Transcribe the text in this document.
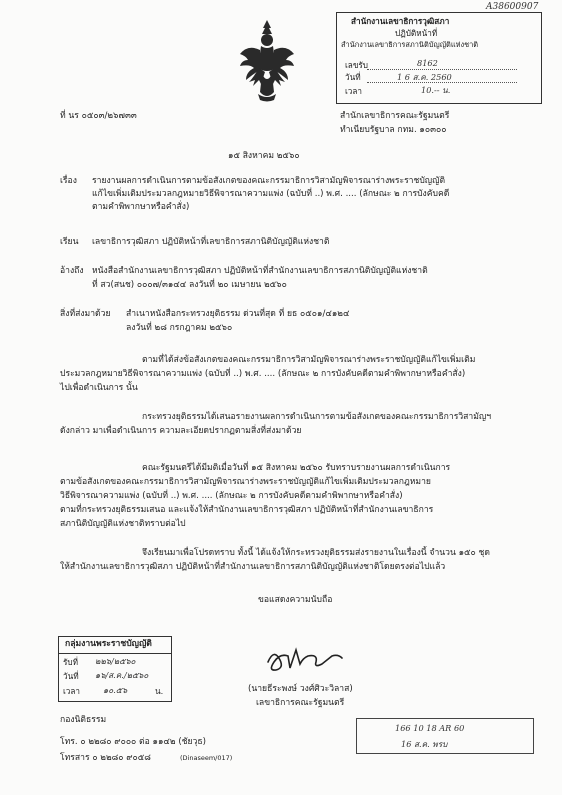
A38600907
สำนักงานเลขาธิการวุฒิสภา
ปฏิบัติหน้าที่
สำนักงานเลขาธิการสภานิติบัญญัติแห่งชาติ
เลขรับ	8162
วันที่	1 6 ส.ค. 2560
เวลา	10.-- น.
ที่ นร ๐๕๐๓/๒๖๗๓๓	สำนักเลขาธิการคณะรัฐมนตรี
ทำเนียบรัฐบาล กทม. ๑๐๓๐๐
๑๕ สิงหาคม ๒๕๖๐
เรื่อง รายงานผลการดำเนินการตามข้อสังเกตของคณะกรรมาธิการวิสามัญพิจารณาร่างพระราชบัญญัติ
แก้ไขเพิ่มเติมประมวลกฎหมายวิธีพิจารณาความแพ่ง (ฉบับที่ ..) พ.ศ. .... (ลักษณะ ๒ การบังคับคดี
ตามคำพิพากษาหรือคำสั่ง)
เรียน เลขาธิการวุฒิสภา ปฏิบัติหน้าที่เลขาธิการสภานิติบัญญัติแห่งชาติ
อ้างถึง หนังสือสำนักงานเลขาธิการวุฒิสภา ปฏิบัติหน้าที่สำนักงานเลขาธิการสภานิติบัญญัติแห่งชาติ
ที่ สว(สนช) ๐๐๐๗/๓๑๔๔ ลงวันที่ ๒๐ เมษายน ๒๕๖๐
สิ่งที่ส่งมาด้วย สำเนาหนังสือกระทรวงยุติธรรม ด่วนที่สุด ที่ ยธ ๐๕๐๑/๔๑๒๔
ลงวันที่ ๒๘ กรกฎาคม ๒๕๖๐
ตามที่ได้ส่งข้อสังเกตของคณะกรรมาธิการวิสามัญพิจารณาร่างพระราชบัญญัติแก้ไขเพิ่มเติม
ประมวลกฎหมายวิธีพิจารณาความแพ่ง (ฉบับที่ ..) พ.ศ. .... (ลักษณะ ๒ การบังคับคดีตามคำพิพากษาหรือคำสั่ง)
ไปเพื่อดำเนินการ นั้น
กระทรวงยุติธรรมได้เสนอรายงานผลการดำเนินการตามข้อสังเกตของคณะกรรมาธิการวิสามัญฯ
ดังกล่าว มาเพื่อดำเนินการ ความละเอียดปรากฏตามสิ่งที่ส่งมาด้วย
คณะรัฐมนตรีได้มีมติเมื่อวันที่ ๑๕ สิงหาคม ๒๕๖๐ รับทราบรายงานผลการดำเนินการ
ตามข้อสังเกตของคณะกรรมาธิการวิสามัญพิจารณาร่างพระราชบัญญัติแก้ไขเพิ่มเติมประมวลกฎหมาย
วิธีพิจารณาความแพ่ง (ฉบับที่ ..) พ.ศ. .... (ลักษณะ ๒ การบังคับคดีตามคำพิพากษาหรือคำสั่ง)
ตามที่กระทรวงยุติธรรมเสนอ และแจ้งให้สำนักงานเลขาธิการวุฒิสภา ปฏิบัติหน้าที่สำนักงานเลขาธิการ
สภานิติบัญญัติแห่งชาติทราบต่อไป
จึงเรียนมาเพื่อโปรดทราบ ทั้งนี้ ได้แจ้งให้กระทรวงยุติธรรมส่งรายงานในเรื่องนี้ จำนวน ๑๕๐ ชุด
ให้สำนักงานเลขาธิการวุฒิสภา ปฏิบัติหน้าที่สำนักงานเลขาธิการสภานิติบัญญัติแห่งชาติโดยตรงต่อไปแล้ว
ขอแสดงความนับถือ
(นายธีระพงษ์ วงศ์ศิวะวิลาส)
เลขาธิการคณะรัฐมนตรี
กลุ่มงานพระราชบัญญัติ
รับที่ ๒๒๖/๒๕๖๐
วันที่ ๑๖/ส.ค./๒๕๖๐
เวลา	๑๐.๕๖	น.
กองนิติธรรม
โทร. ๐ ๒๒๘๐ ๙๐๐๐ ต่อ ๑๑๔๒ (ชัยวุธ)
โทรสาร ๐ ๒๒๘๐ ๙๐๕๘	(Dinaseem/017)
166 10 18 AR 60
16 ส.ค. พรบ
